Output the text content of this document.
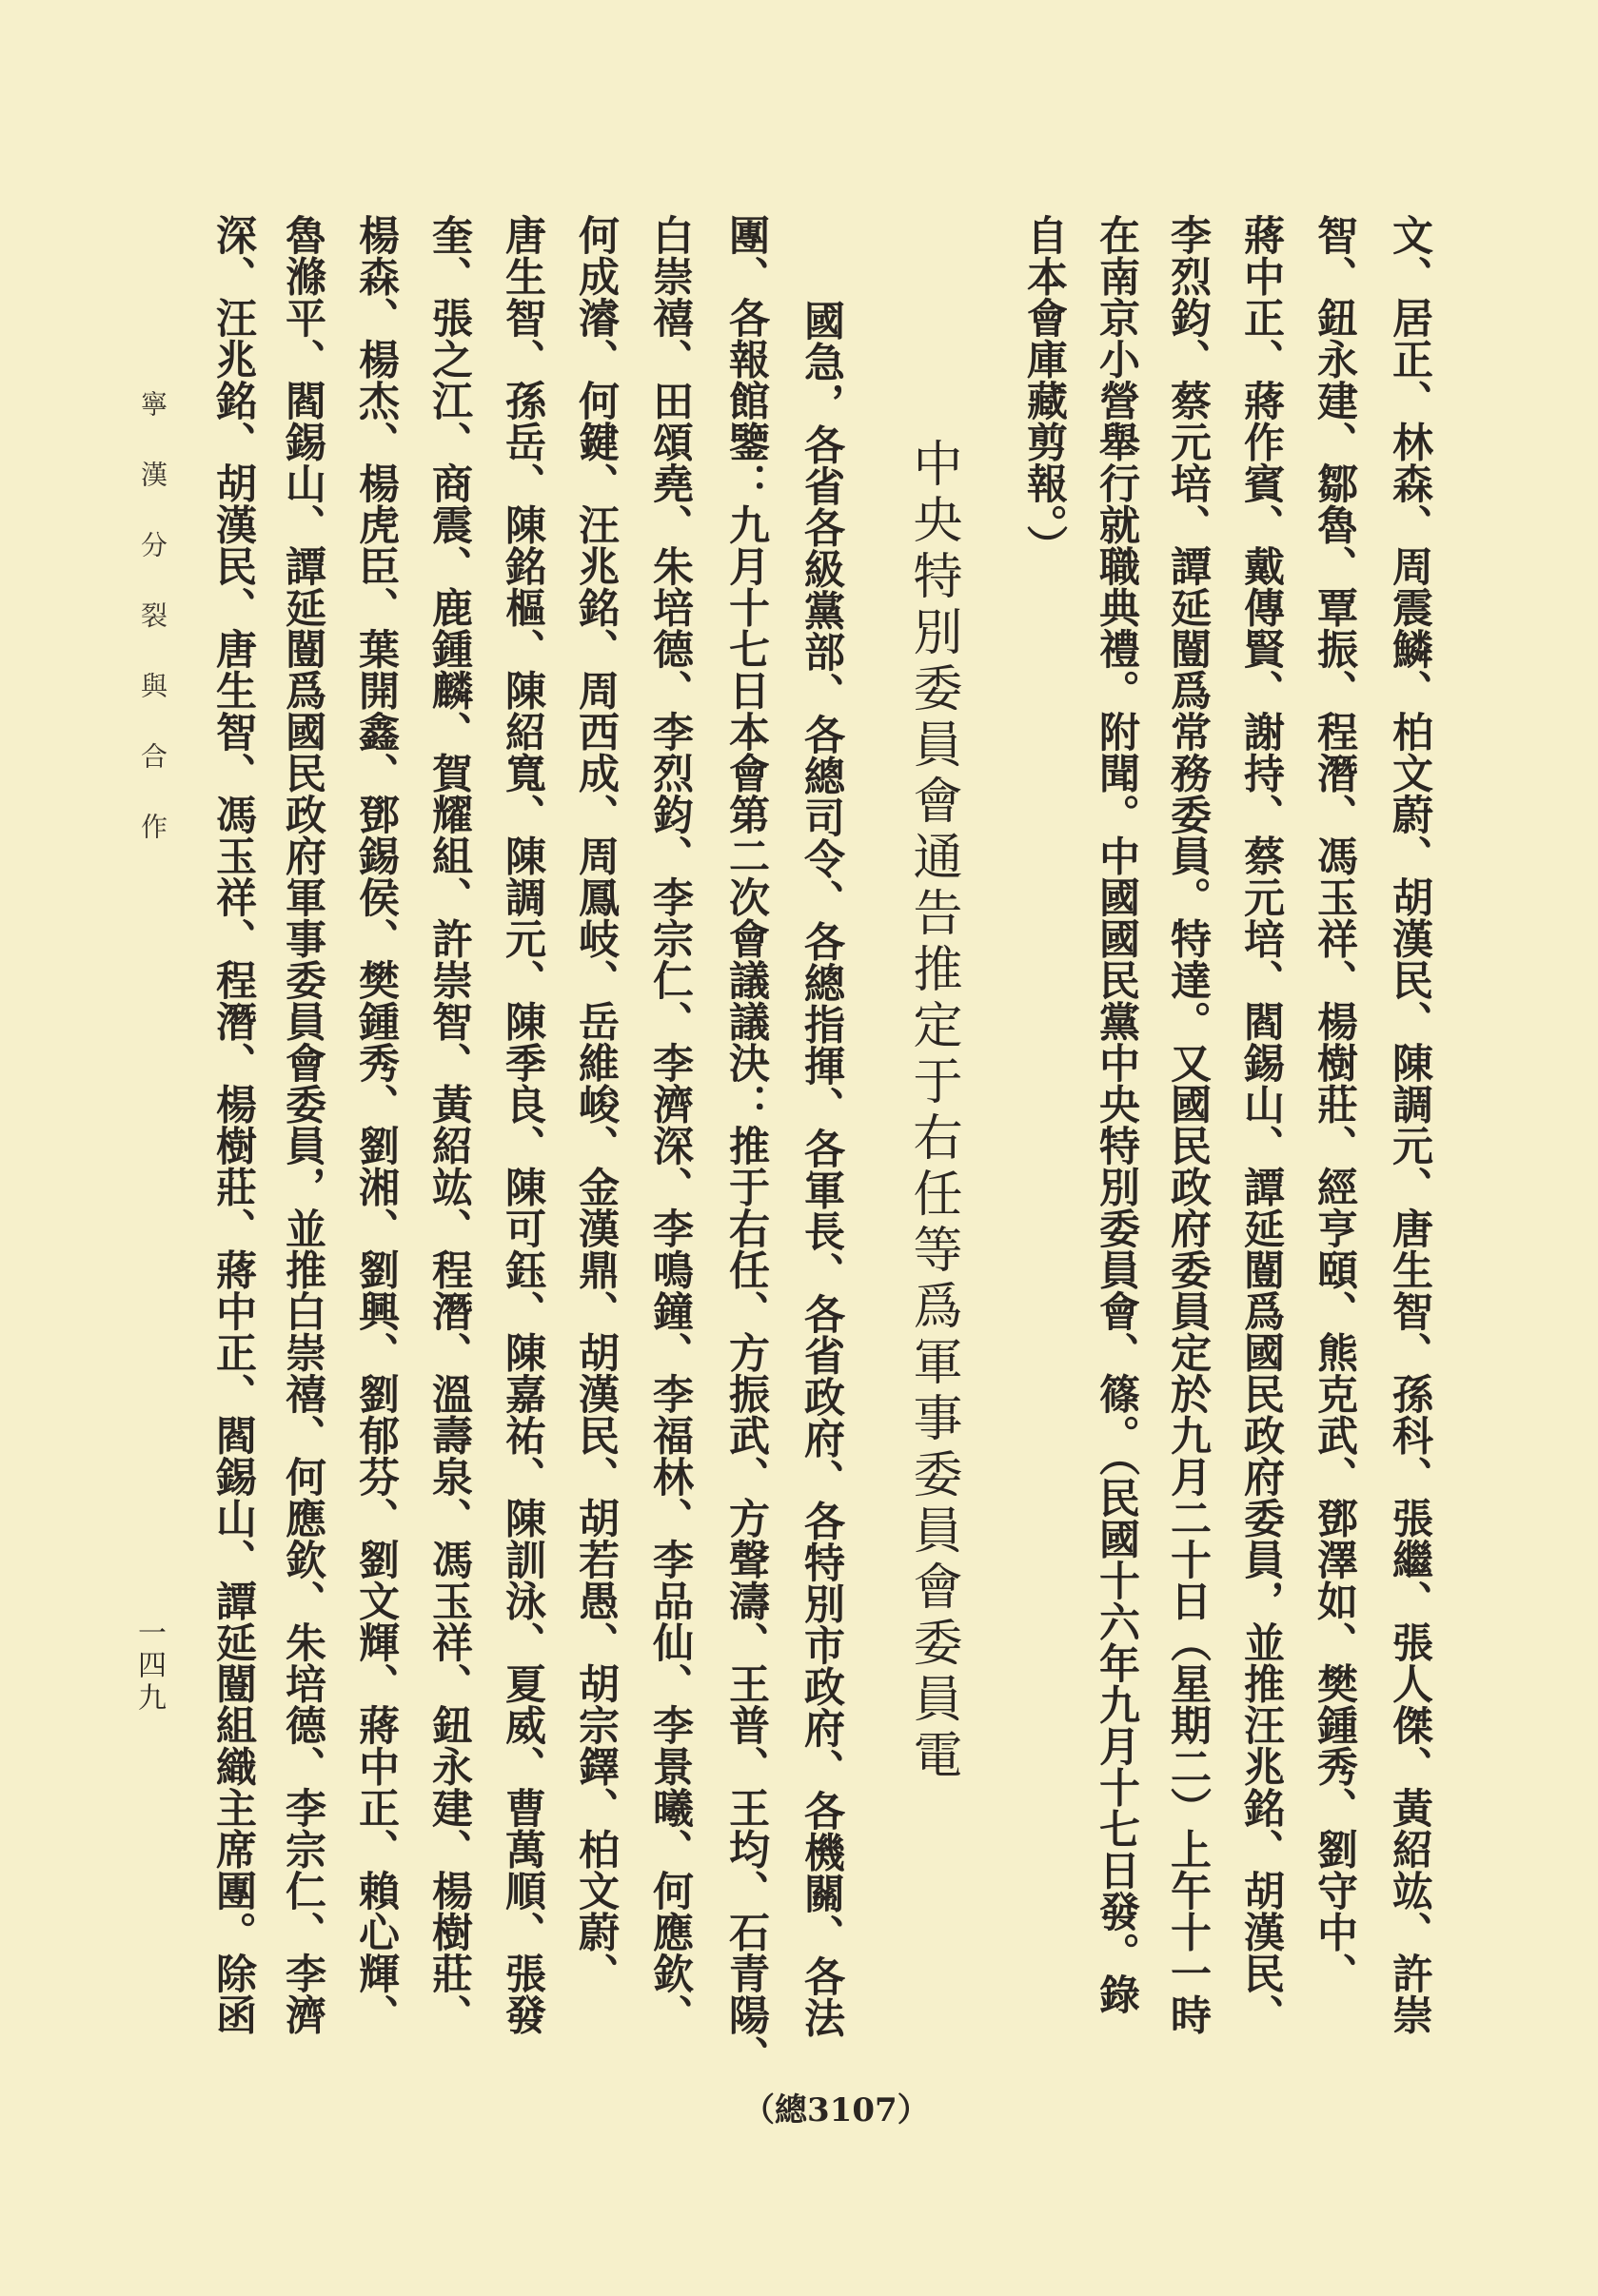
文、居正、林森、周震鱗、柏文蔚、胡漢民、陳調元、唐生智、孫科、張繼、張人傑、黃紹竑、許崇
智、鈕永建、鄒魯、覃振、程潛、馮玉祥、楊樹莊、經亨頤、熊克武、鄧澤如、樊鍾秀、劉守中、
蔣中正、蔣作賓、戴傳賢、謝持、蔡元培、閻錫山、譚延闓爲國民政府委員，並推汪兆銘、胡漢民、
李烈鈞、蔡元培、譚延闓爲常務委員。特達。又國民政府委員定於九月二十日（星期二）上午十一時
在南京小營舉行就職典禮。附聞。中國國民黨中央特別委員會、篠。（民國十六年九月十七日發。錄
自本會庫藏剪報。）
中央特別委員會通告推定于右任等爲軍事委員會委員電
國急，各省各級黨部、各總司令、各總指揮、各軍長、各省政府、各特別市政府、各機關、各法
團、各報館鑒：九月十七日本會第二次會議議決：推于右任、方振武、方聲濤、王普、王均、石青陽、
白崇禧、田頌堯、朱培德、李烈鈞、李宗仁、李濟深、李鳴鐘、李福林、李品仙、李景曦、何應欽、
何成濬、何鍵、汪兆銘、周西成、周鳳岐、岳維峻、金漢鼎、胡漢民、胡若愚、胡宗鐸、柏文蔚、
唐生智、孫岳、陳銘樞、陳紹寬、陳調元、陳季良、陳可鈺、陳嘉祐、陳訓泳、夏威、曹萬順、張發
奎、張之江、商震、鹿鍾麟、賀耀組、許崇智、黃紹竑、程潛、溫壽泉、馮玉祥、鈕永建、楊樹莊、
楊森、楊杰、楊虎臣、葉開鑫、鄧錫侯、樊鍾秀、劉湘、劉興、劉郁芬、劉文輝、蔣中正、賴心輝、
魯滌平、閻錫山、譚延闓爲國民政府軍事委員會委員，並推白崇禧、何應欽、朱培德、李宗仁、李濟
深、汪兆銘、胡漢民、唐生智、馮玉祥、程潛、楊樹莊、蔣中正、閻錫山、譚延闓組織主席團。除函
寧漢分裂與合作
一四九
（總3107）
